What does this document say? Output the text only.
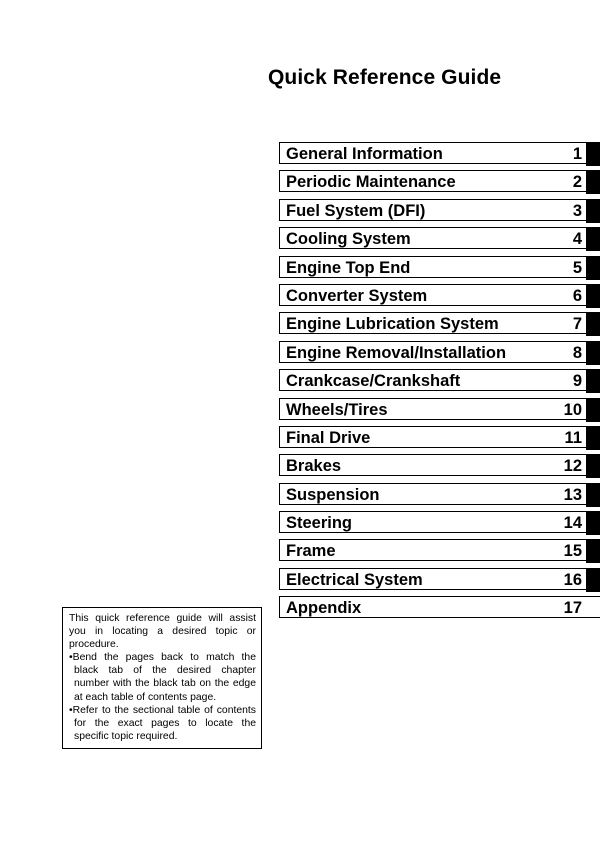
Quick Reference Guide
General Information	1
Periodic Maintenance	2
Fuel System (DFI)	3
Cooling System	4
Engine Top End	5
Converter System	6
Engine Lubrication System	7
Engine Removal/Installation	8
Crankcase/Crankshaft	9
Wheels/Tires	10
Final Drive	11
Brakes	12
Suspension	13
Steering	14
Frame	15
Electrical System	16
Appendix	17

This quick reference guide will assist you in locating a desired topic or procedure.

•Bend the pages back to match the black tab of the desired chapter number with the black tab on the edge at each table of contents page.

•Refer to the sectional table of contents for the exact pages to locate the specific topic required.
